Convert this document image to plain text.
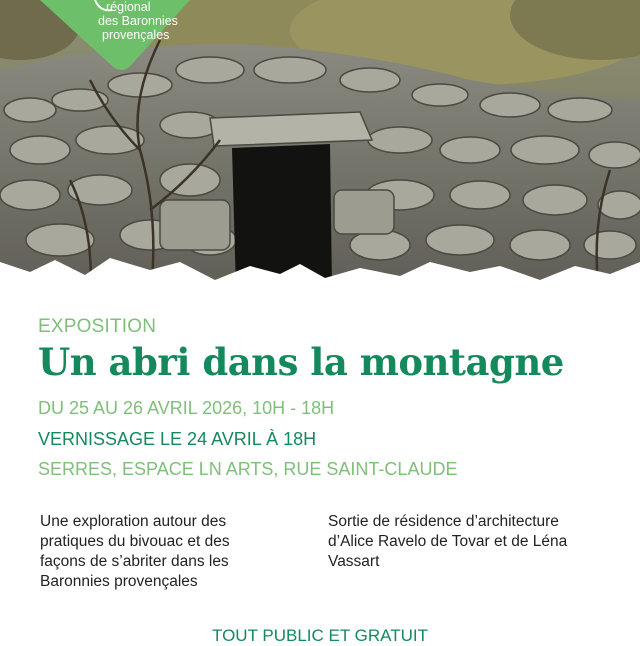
régional
des Baronnies
provençales
EXPOSITION
Un abri dans la montagne
DU 25 AU 26 AVRIL 2026, 10H - 18H
VERNISSAGE LE 24 AVRIL À 18H
SERRES, ESPACE LN ARTS, RUE SAINT-CLAUDE
Une exploration autour des
pratiques du bivouac et des
façons de s’abriter dans les
Baronnies provençales
Sortie de résidence d’architecture
d’Alice Ravelo de Tovar et de Léna
Vassart
TOUT PUBLIC ET GRATUIT
